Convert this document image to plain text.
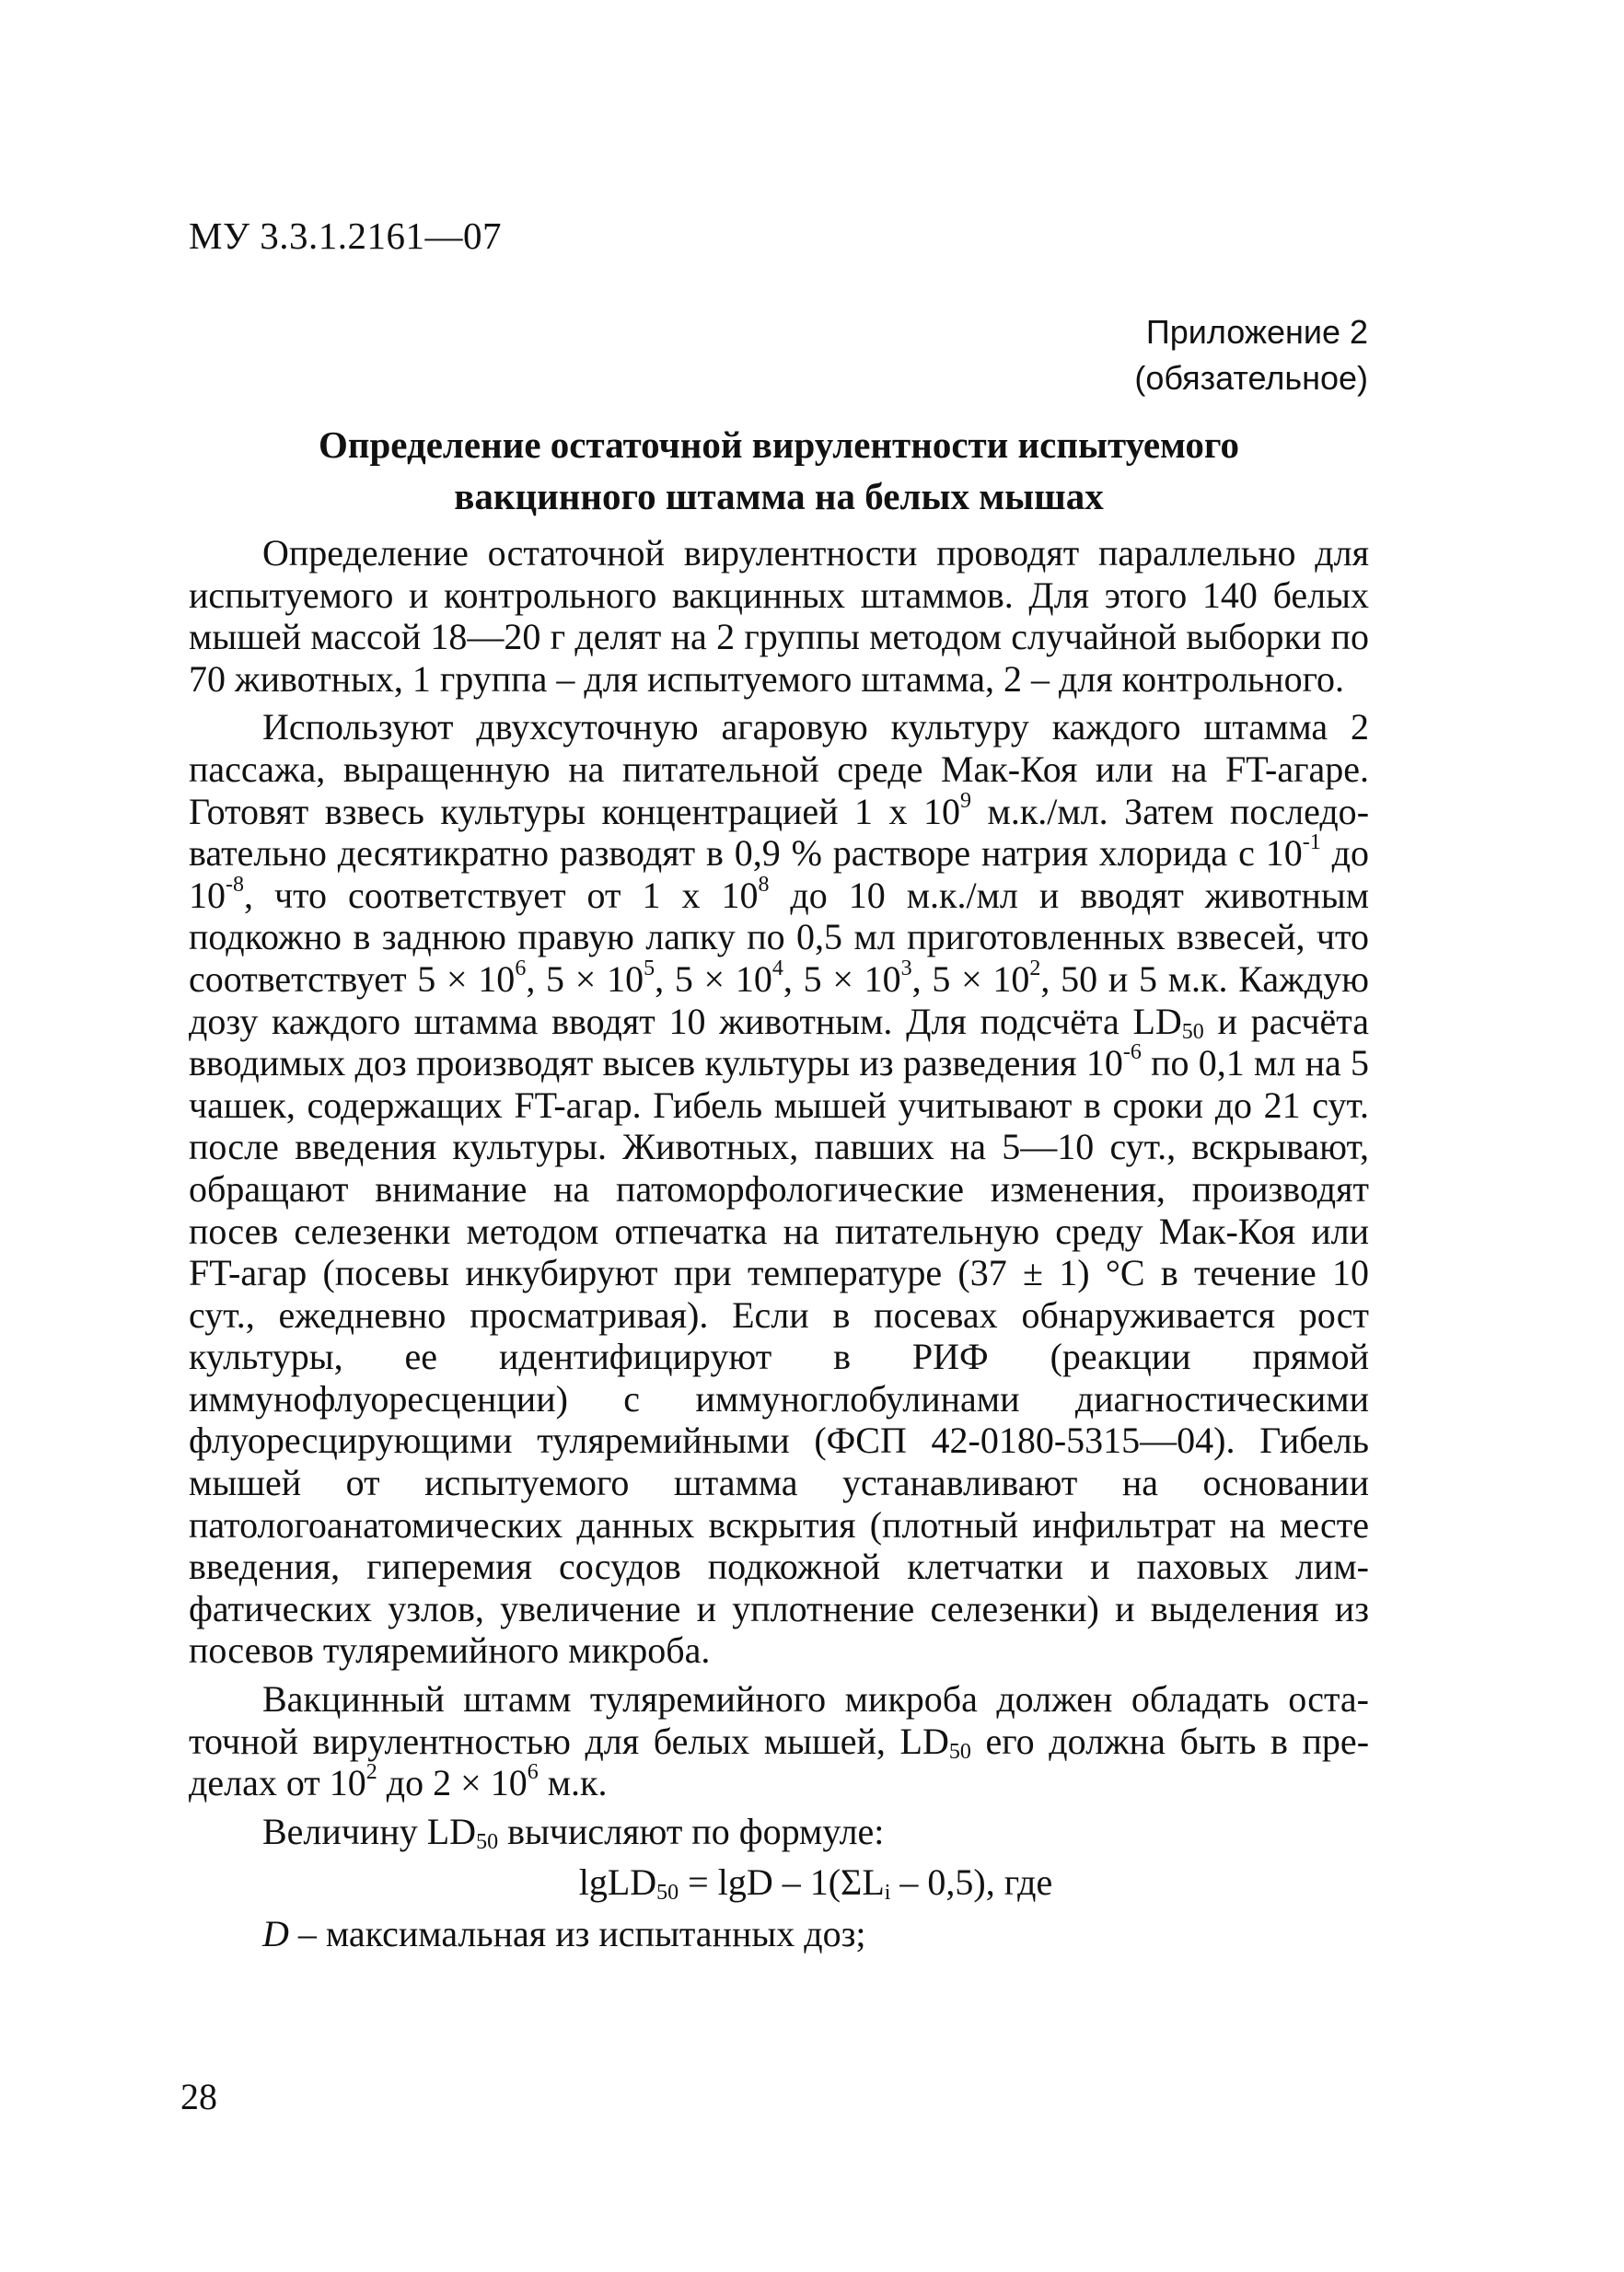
МУ 3.3.1.2161—07
Приложение 2
(обязательное)
Определение остаточной вирулентности испытуемого
вакцинного штамма на белых мышах

Определение остаточной вирулентности проводят параллельно для испытуемого и контрольного вакцинных штаммов. Для этого 140 белых мышей массой 18—20 г делят на 2 группы методом случайной выборки по 70 животных, 1 группа – для испытуемого штамма, 2 – для контрольного.

Используют двухсуточную агаровую культуру каждого штамма 2 пассажа, выращенную на питательной среде Мак-Коя или на FT-агаре. Готовят взвесь культуры концентрацией 1 х $10^9$ м.к./мл. Затем последовательно десятикратно разводят в 0,9 % растворе натрия хлорида с $10^{-1}$ до $10^{-8}$, что соответствует от 1 х $10^8$ до 10 м.к./мл и вводят животным подкожно в заднюю правую лапку по 0,5 мл приготовленных взвесей, что соответствует $5 \times 10^6$, $5 \times 10^5$, $5 \times 10^4$, $5 \times 10^3$, $5 \times 10^2$, 50 и 5 м.к. Каждую дозу каждого штамма вводят 10 животным. Для подсчёта $LD_{50}$ и расчёта вводимых доз производят высев культуры из разведения $10^{-6}$ по 0,1 мл на 5 чашек, содержащих FT-агар. Гибель мышей учитывают в сроки до 21 сут. после введения культуры. Животных, павших на 5—10 сут., вскрывают, обращают внимание на патоморфологические изменения, производят посев селезенки методом отпечатка на питательную среду Мак-Коя или FT-агар (посевы инкубируют при температуре (37 ± 1) °С в течение 10 сут., ежедневно просматривая). Если в посевах обнаруживается рост культуры, ее идентифицируют в РИФ (реакции прямой иммунофлуоресценции) с иммуноглобулинами диагностическими флуоресцирующими туляремийными (ФСП 42-0180-5315—04). Гибель мышей от испытуемого штамма устанавливают на основании патологоанатомических данных вскрытия (плотный инфильтрат на месте введения, гиперемия сосудов подкожной клетчатки и паховых лимфатических узлов, увеличение и уплотнение селезенки) и выделения из посевов туляремийного микроба.

Вакцинный штамм туляремийного микроба должен обладать остаточной вирулентностью для белых мышей, $LD_{50}$ его должна быть в пределах от $10^2$ до $2 \times 10^6$ м.к.

Величину $LD_{50}$ вычисляют по формуле:

lgLD$_{50}$ = lgD – $1(\Sigma L_i - 0,5)$, где

D – максимальная из испытанных доз;

28
